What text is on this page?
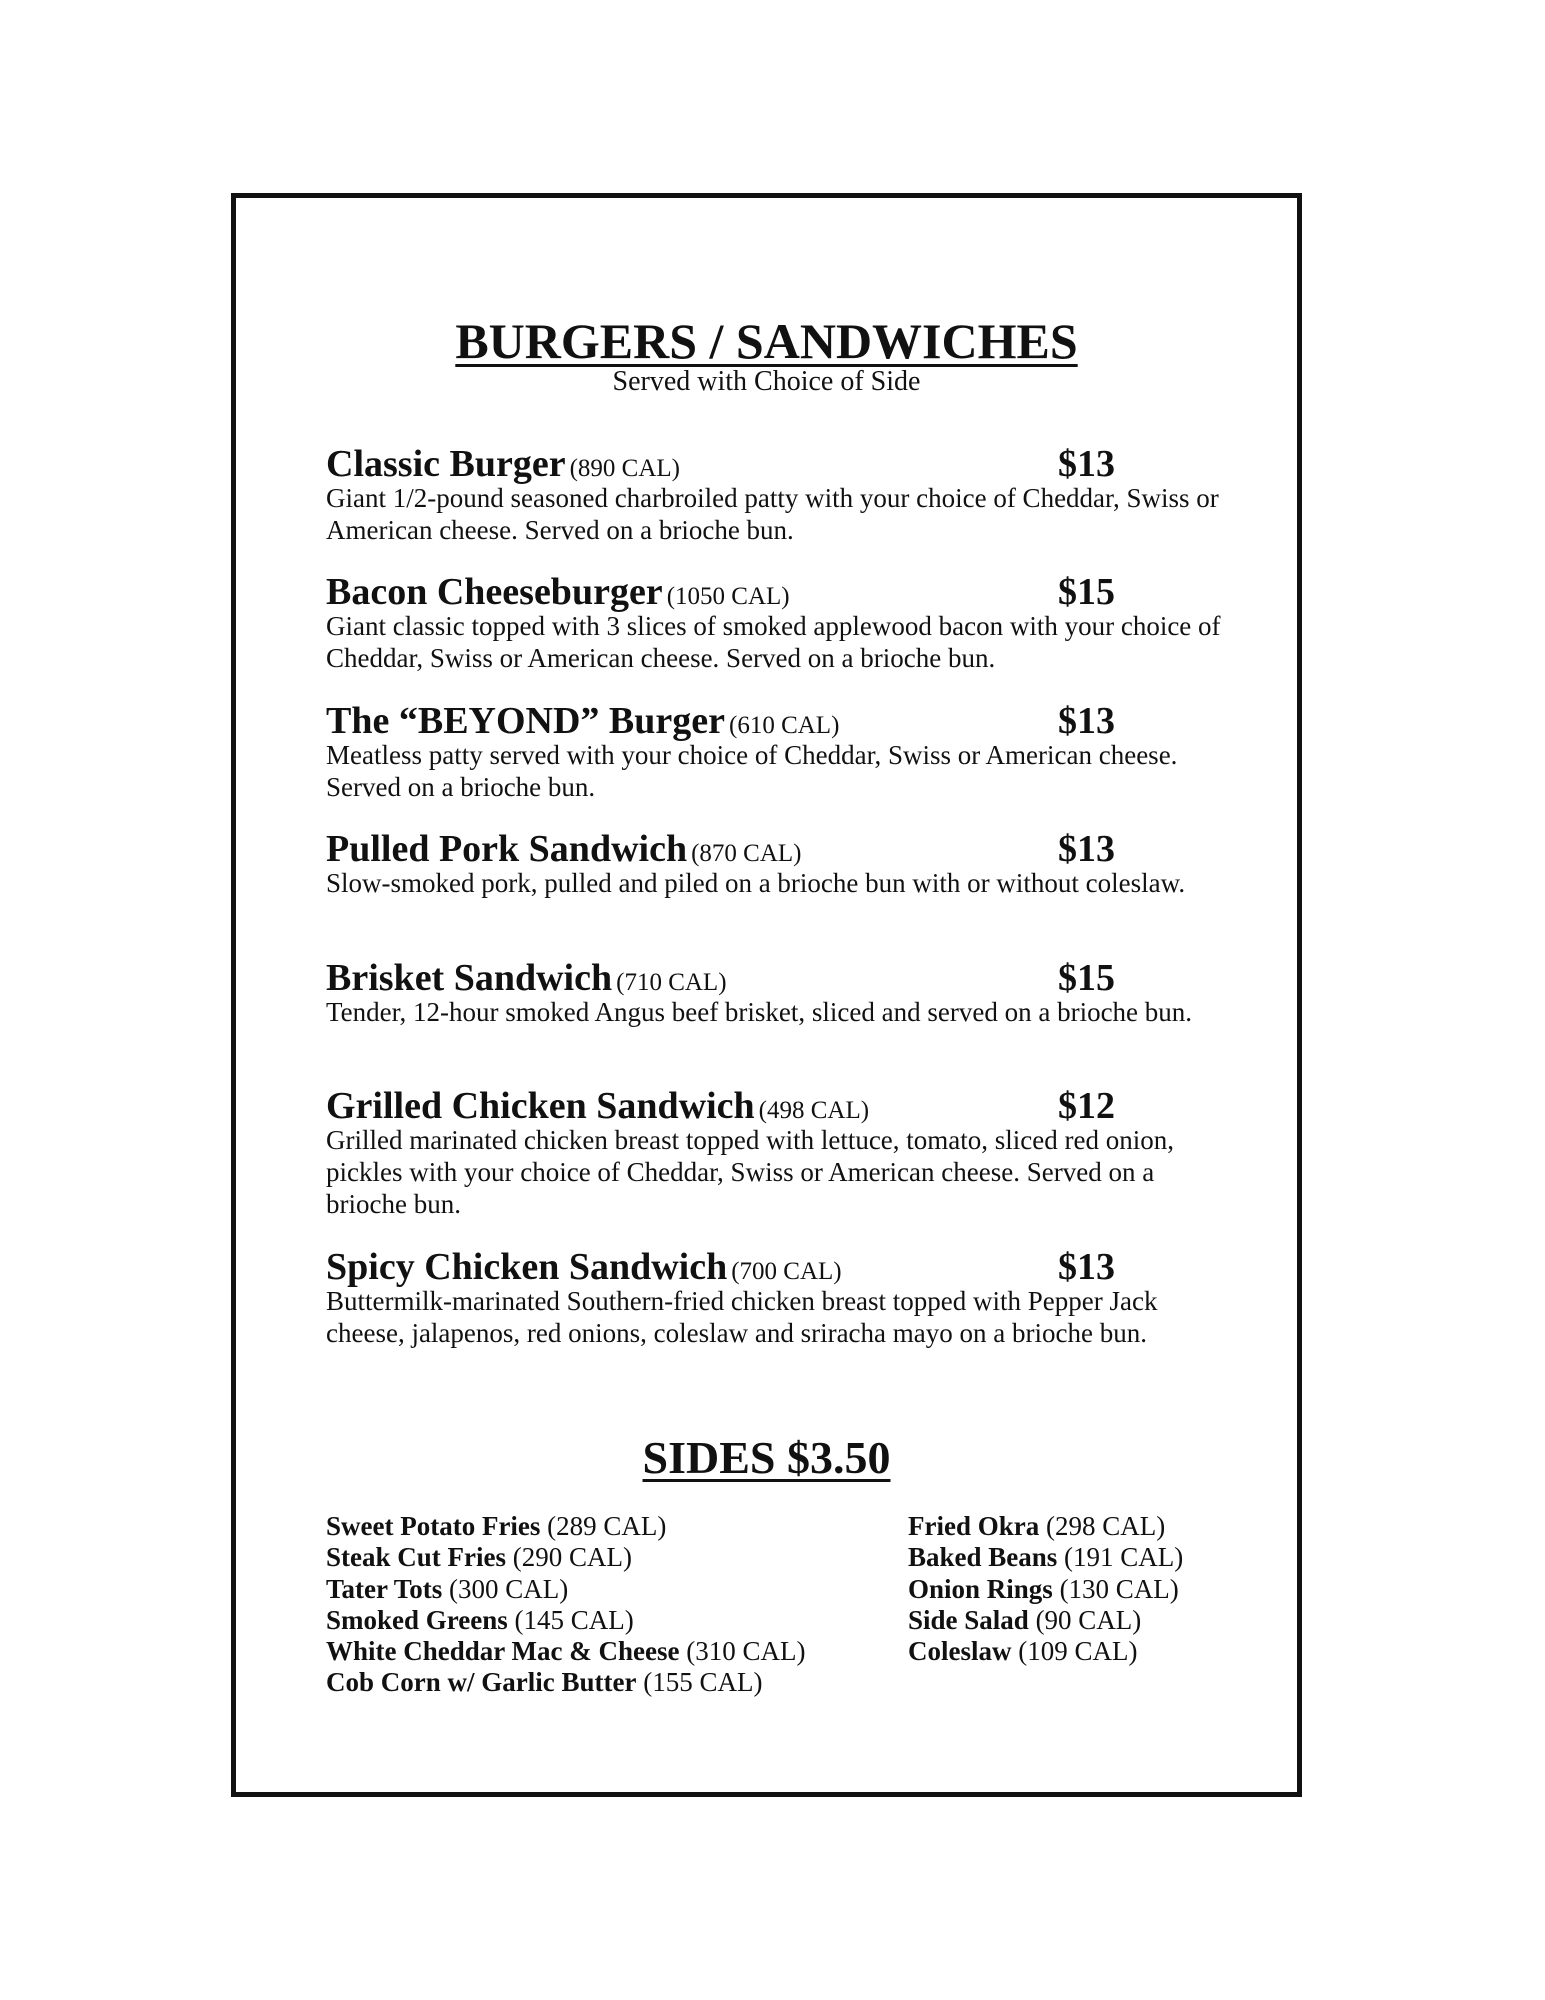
BURGERS / SANDWICHES
Served with Choice of Side
Classic Burger (890 CAL)	$13
Giant 1/2-pound seasoned charbroiled patty with your choice of Cheddar, Swiss or American cheese. Served on a brioche bun.
Bacon Cheeseburger (1050 CAL)	$15
Giant classic topped with 3 slices of smoked applewood bacon with your choice of Cheddar, Swiss or American cheese. Served on a brioche bun.
The “BEYOND” Burger (610 CAL)	$13
Meatless patty served with your choice of Cheddar, Swiss or American cheese. Served on a brioche bun.
Pulled Pork Sandwich (870 CAL)	$13
Slow-smoked pork, pulled and piled on a brioche bun with or without coleslaw.
Brisket Sandwich (710 CAL)	$15
Tender, 12-hour smoked Angus beef brisket, sliced and served on a brioche bun.
Grilled Chicken Sandwich (498 CAL)	$12
Grilled marinated chicken breast topped with lettuce, tomato, sliced red onion, pickles with your choice of Cheddar, Swiss or American cheese. Served on a brioche bun.
Spicy Chicken Sandwich (700 CAL)	$13
Buttermilk-marinated Southern-fried chicken breast topped with Pepper Jack cheese, jalapenos, red onions, coleslaw and sriracha mayo on a brioche bun.
SIDES $3.50
Sweet Potato Fries (289 CAL)
Steak Cut Fries (290 CAL)
Tater Tots (300 CAL)
Smoked Greens (145 CAL)
White Cheddar Mac & Cheese (310 CAL)
Cob Corn w/ Garlic Butter (155 CAL)
Fried Okra (298 CAL)
Baked Beans (191 CAL)
Onion Rings (130 CAL)
Side Salad (90 CAL)
Coleslaw (109 CAL)
